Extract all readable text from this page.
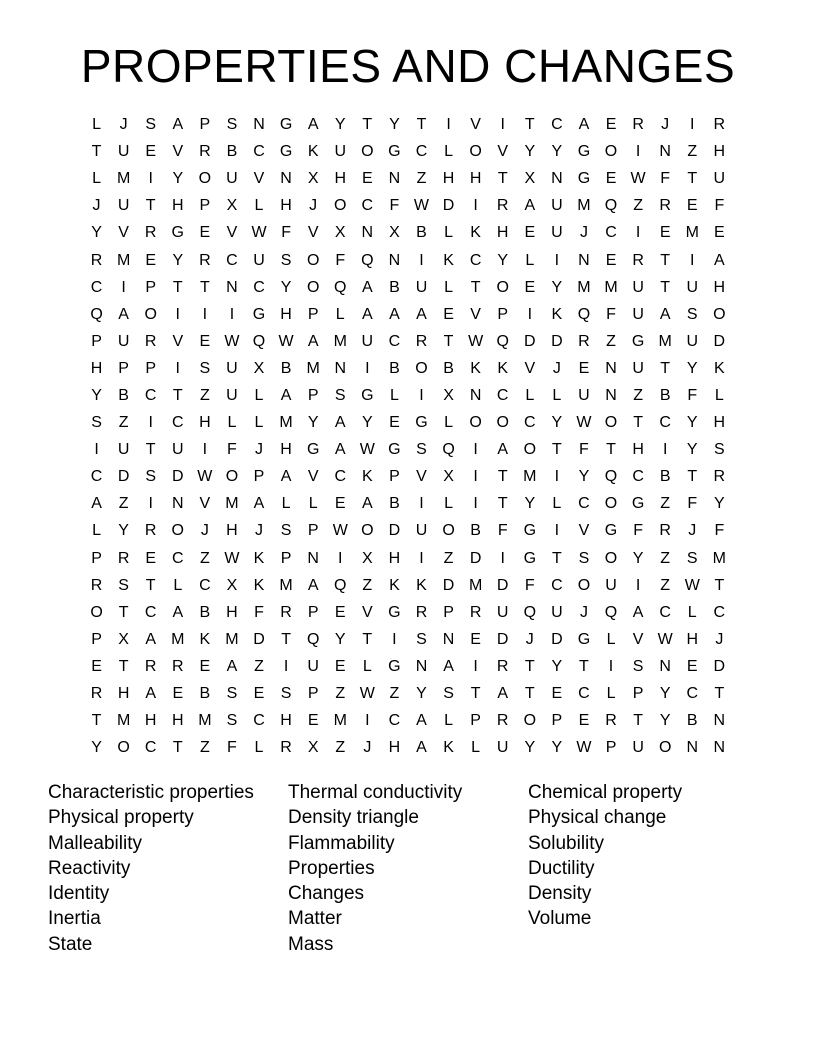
PROPERTIES AND CHANGES
L	J	S	A	P	S N G A	Y	T	Y	T	I	V	I	T	C A	E R	J	I	R
T	U E	V R B C G K U O G C	L	O V	Y	Y G O	I	N	Z	H
L M	I	Y O U V N X H E N	Z	H H	T	X N G E W F	T	U
J	U	T	H P	X	L	H	J	O C	F W D	I	R A U M Q Z	R E	F
Y	V R G E	V W F	V	X N X	B	L	K H E U	J	C	I	E M E
R M E	Y R C U S O F Q N	I	K C Y	L	I	N E R	T	I	A
C	I	P	T	T	N C Y O Q A	B U	L	T O E	Y M M U	T	U H
Q A O	I	I	I	G H P	L	A	A	A	E	V	P	I	K Q F	U A	S O
P U R V	E W Q W A M U C R	T W Q D D R	Z G M U D
H P	P	I	S U X	B M N	I	B O B	K	K	V	J	E N U	T	Y	K
Y	B C	T	Z	U	L	A	P	S G	L	I	X N C	L	L	U N	Z	B	F	L
S	Z	I	C H	L	L M Y	A	Y	E G	L	O O C Y W O T	C Y H
I	U	T	U	I	F	J	H G A W G S Q	I	A O T	F	T	H	I	Y	S
C D S D W O P	A	V C K	P	V	X	I	T M	I	Y Q C B	T	R
A	Z	I	N V M A	L	L	E	A	B	I	L	I	T	Y	L	C O G Z	F	Y
L	Y R O	J	H	J	S	P W O D U O B	F G	I	V G F	R	J	F
P R E C	Z W K	P N	I	X H	I	Z	D	I	G T	S O Y	Z	S M
R S	T	L	C X	K M A Q Z	K	K D M D	F	C O U	I	Z W T
O T	C A	B H	F	R P	E	V G R P R U Q U	J	Q A C	L	C
P	X	A M K M D	T Q Y	T	I	S N E D	J	D G	L	V W H	J
E	T	R R E	A	Z	I	U E	L	G N A	I	R	T	Y	T	I	S N E D
R H A	E	B	S	E	S	P	Z W Z	Y	S	T	A	T	E C	L	P	Y C	T
T M H H M S C H E M	I	C A	L	P R O P	E R	T	Y	B N
Y O C	T	Z	F	L	R X	Z	J	H A	K	L	U Y	Y W P U O N N
Characteristic properties
Physical property
Malleability
Reactivity
Identity
Inertia
State
Thermal conductivity
Density triangle
Flammability
Properties
Changes
Matter
Mass
Chemical property
Physical change
Solubility
Ductility
Density
Volume
